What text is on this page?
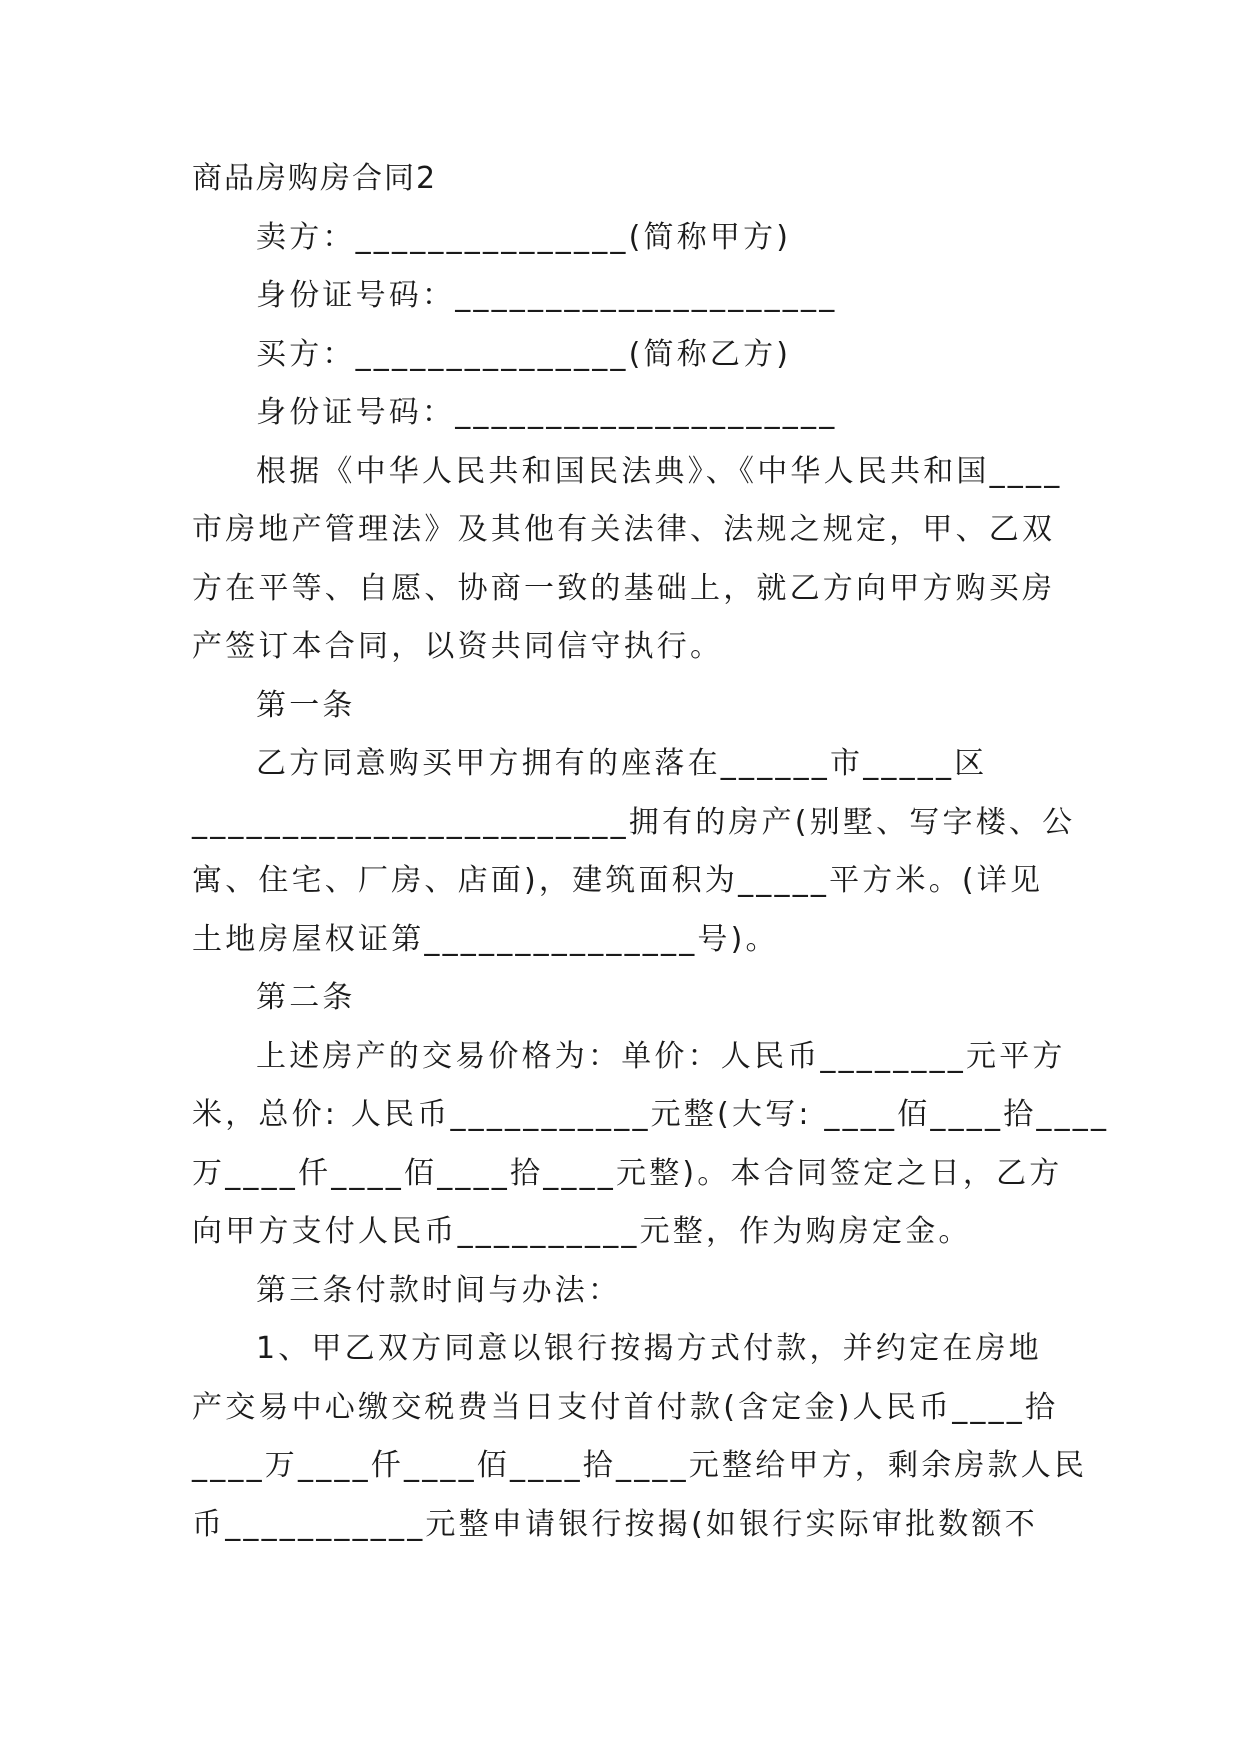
商品房购房合同2
卖方：_______________(简称甲方)
身份证号码：_____________________
买方：_______________(简称乙方)
身份证号码：_____________________
根据《中华人民共和国民法典》、《中华人民共和国____
市房地产管理法》及其他有关法律、法规之规定，甲、乙双
方在平等、自愿、协商一致的基础上，就乙方向甲方购买房
产签订本合同，以资共同信守执行。
第一条
乙方同意购买甲方拥有的座落在______市_____区
________________________拥有的房产(别墅、写字楼、公
寓、住宅、厂房、店面)，建筑面积为_____平方米。(详见
土地房屋权证第_______________号)。
第二条
上述房产的交易价格为：单价：人民币________元平方
米，总价: 人民币___________元整(大写: ____佰____拾____
万____仟____佰____拾____元整)。本合同签定之日，乙方
向甲方支付人民币__________元整，作为购房定金。
第三条付款时间与办法：
1、甲乙双方同意以银行按揭方式付款，并约定在房地
产交易中心缴交税费当日支付首付款(含定金)人民币____拾
____万____仟____佰____拾____元整给甲方，剩余房款人民
币___________元整申请银行按揭(如银行实际审批数额不
